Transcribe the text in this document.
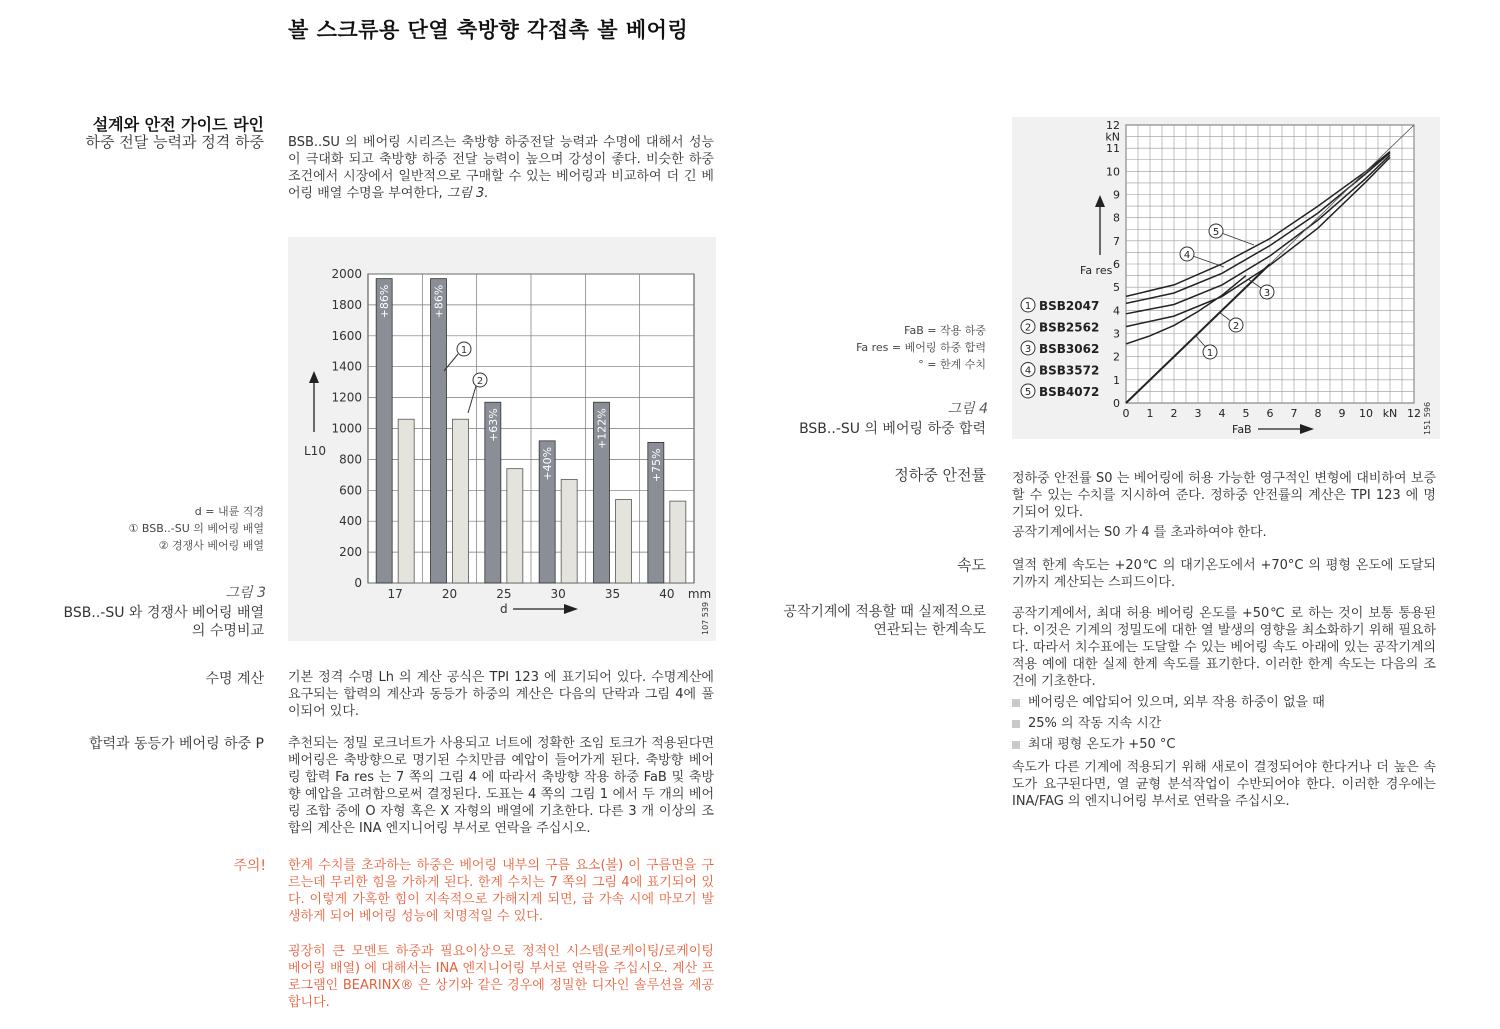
볼 스크류용 단열 축방향 각접촉 볼 베어링
설계와 안전 가이드 라인
하중 전달 능력과 정격 하중 BSB..SU 의 베어링 시리즈는 축방향 하중전달 능력과 수명에 대해서 성능이 극대화 되고 축방향 하중 전달 능력이 높으며 강성이 좋다. 비슷한 하중조건에서 시장에서 일반적으로 구매할 수 있는 베어링과 비교하여 더 긴 베어링 배열 수명을 부여한다, 그림 3.
0
200
400
600
800
1000
1200
1400
1600
1800
2000
+86%
17
+86%
20
+63%
25
+40%
30
+122%
35
+75%
40 mm
1
2
L10
d	107 539
d = 내륜 직경
① BSB..-SU 의 베어링 배열
② 경쟁사 베어링 배열
그림 3
BSB..-SU 와 경쟁사 베어링 배열
의 수명비교
수명 계산 기본 정격 수명 Lh 의 계산 공식은 TPI 123 에 표기되어 있다. 수명계산에 요구되는 합력의 계산과 동등가 하중의 계산은 다음의 단락과 그림 4에 풀이되어 있다.
합력과 동등가 베어링 하중 P 추천되는 정밀 로크너트가 사용되고 너트에 정확한 조임 토크가 적용된다면 베어링은 축방향으로 명기된 수치만큼 예압이 들어가게 된다. 축방향 베어링 합력 Fa res 는 7 쪽의 그림 4 에 따라서 축방향 작용 하중 FaB 및 축방향 예압을 고려함으로써 결정된다. 도표는 4 쪽의 그림 1 에서 두 개의 베어링 조합 중에 O 자형 혹은 X 자형의 배열에 기초한다. 다른 3 개 이상의 조합의 계산은 INA 엔지니어링 부서로 연락을 주십시오.
주의! 한계 수치를 초과하는 하중은 베어링 내부의 구름 요소(볼) 이 구름면을 구르는데 무리한 힘을 가하게 된다. 한계 수치는 7 쪽의 그림 4에 표기되어 있다. 이렇게 가혹한 힘이 지속적으로 가해지게 되면, 급 가속 시에 마모기 발생하게 되어 베어링 성능에 치명적일 수 있다.
굉장히 큰 모멘트 하중과 필요이상으로 정적인 시스템(로케이팅/로케이팅 베어링 배열) 에 대해서는 INA 엔지니어링 부서로 연락을 주십시오. 계산 프로그램인 BEARINX® 은 상기와 같은 경우에 정밀한 디자인 솔루션을 제공합니다.
0
1
2
3
4
5
6
7
8
9
10
11
12
kN
0 1 2 3 4 5 6 7 8 9 10 kN 12
1 BSB2047
2 BSB2562
3 BSB3062
4 BSB3572
5 BSB4072
1
2
3
4
5
Fa res
FaB	151 596
FaB = 작용 하중
Fa res = 베어링 하중 합력
° = 한계 수치
그림 4
BSB..-SU 의 베어링 하중 합력
정하중 안전률 정하중 안전률 S0 는 베어링에 허용 가능한 영구적인 변형에 대비하여 보증할 수 있는 수치를 지시하여 준다. 정하중 안전률의 계산은 TPI 123 에 명기되어 있다.
공작기계에서는 S0 가 4 를 초과하여야 한다.
속도 열적 한계 속도는 +20℃ 의 대기온도에서 +70°C 의 평형 온도에 도달되기까지 계산되는 스피드이다.
공작기계에 적용할 때 실제적으로
연관되는 한계속도
공작기계에서, 최대 허용 베어링 온도를 +50℃ 로 하는 것이 보통 통용된다. 이것은 기계의 정밀도에 대한 열 발생의 영향을 최소화하기 위해 필요하다. 따라서 치수표에는 도달할 수 있는 베어링 속도 아래에 있는 공작기계의 적용 예에 대한 실제 한계 속도를 표기한다. 이러한 한계 속도는 다음의 조건에 기초한다.
베어링은 예압되어 있으며, 외부 작용 하중이 없을 때
25% 의 작동 지속 시간
최대 평형 온도가 +50 °C
속도가 다른 기계에 적용되기 위해 새로이 결정되어야 한다거나 더 높은 속도가 요구된다면, 열 균형 분석작업이 수반되어야 한다. 이러한 경우에는 INA/FAG 의 엔지니어링 부서로 연락을 주십시오.
